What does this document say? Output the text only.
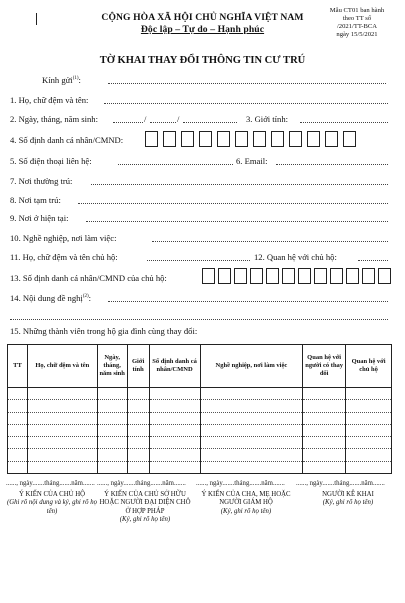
CỘNG HÒA XÃ HỘI CHỦ NGHĨA VIỆT NAM
Độc lập – Tự do – Hạnh phúc
Mẫu CT01 ban hành
theo TT số
/2021/TT-BCA
ngày 15/5/2021
TỜ KHAI THAY ĐỔI THÔNG TIN CƯ TRÚ
Kính gửi$^{(1)}$:
1. Họ, chữ đệm và tên:
2. Ngày, tháng, năm sinh:	/	/	3. Giới tính:
4. Số định danh cá nhân/CMND:
5. Số điện thoại liên hệ:	6. Email:
7. Nơi thường trú:
8. Nơi tạm trú:
9. Nơi ở hiện tại:
10. Nghề nghiệp, nơi làm việc:
11. Họ, chữ đệm và tên chủ hộ:	12. Quan hệ với chủ hộ:
13. Số định danh cá nhân/CMND của chủ hộ:
14. Nội dung đề nghị$^{(2)}$:
15. Những thành viên trong hộ gia đình cùng thay đổi:
TT	Họ, chữ đệm và tên	Ngày, tháng, năm sinh	Giới tính	Số định danh cá nhân/CMND	Nghề nghiệp, nơi làm việc	Quan hệ với người có thay đổi	Quan hệ với chủ hộ

......, ngày.......tháng.......năm.......
Ý KIẾN CỦA CHỦ HỘ
(Ghi rõ nội dung và ký, ghi rõ họ tên)
......, ngày.......tháng.......năm.......
Ý KIẾN CỦA CHỦ SỞ HỮU HOẶC NGƯỜI ĐẠI DIỆN CHỖ Ở HỢP PHÁP
(Ký, ghi rõ họ tên)
......, ngày.......tháng.......năm.......
Ý KIẾN CỦA CHA, MẸ HOẶC NGƯỜI GIÁM HỘ
(Ký, ghi rõ họ tên)
......, ngày.......tháng.......năm.......
NGƯỜI KÊ KHAI
(Ký, ghi rõ họ tên)
